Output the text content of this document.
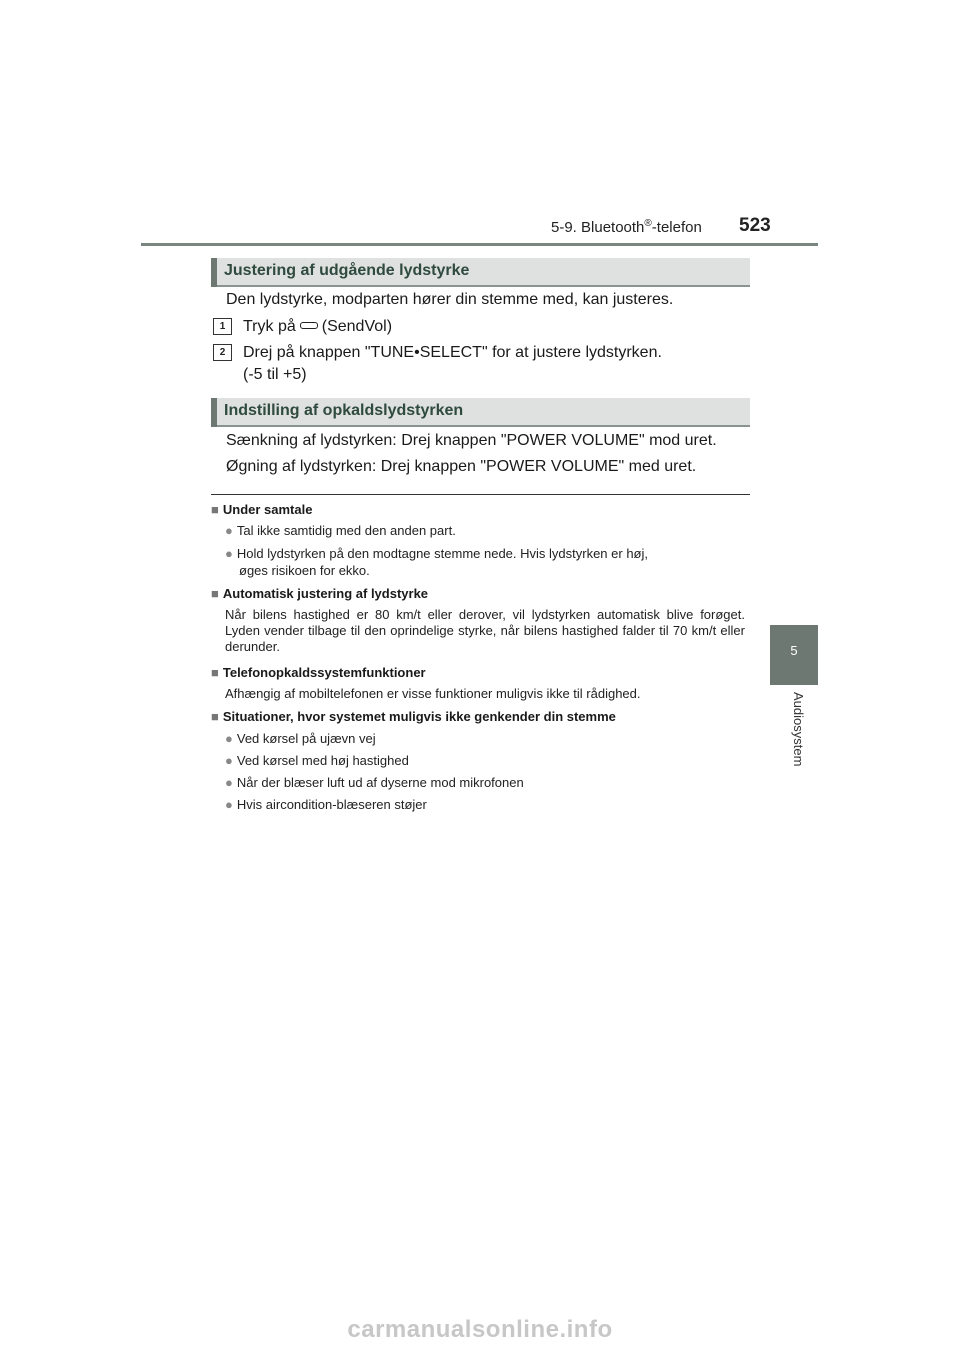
5-9. Bluetooth®-telefon 523
5
Audiosystem
Justering af udgående lydstyrke
Den lydstyrke, modparten hører din stemme med, kan justeres.
1	Tryk på (SendVol)
2	Drej på knappen "TUNE•SELECT" for at justere lydstyrken.
(-5 til +5)
Indstilling af opkaldslydstyrken
Sænkning af lydstyrken: Drej knappen "POWER VOLUME" mod uret.
Øgning af lydstyrken: Drej knappen "POWER VOLUME" med uret.
■ Under samtale
● Tal ikke samtidig med den anden part.
● Hold lydstyrken på den modtagne stemme nede. Hvis lydstyrken er høj,
øges risikoen for ekko.
■ Automatisk justering af lydstyrke
Når bilens hastighed er 80 km/t eller derover, vil lydstyrken automatisk blive forøget. Lyden vender tilbage til den oprindelige styrke, når bilens hastighed falder til 70 km/t eller derunder.
■ Telefonopkaldssystemfunktioner
Afhængig af mobiltelefonen er visse funktioner muligvis ikke til rådighed.
■ Situationer, hvor systemet muligvis ikke genkender din stemme
● Ved kørsel på ujævn vej
● Ved kørsel med høj hastighed
● Når der blæser luft ud af dyserne mod mikrofonen
● Hvis aircondition-blæseren støjer
carmanualsonline.info
